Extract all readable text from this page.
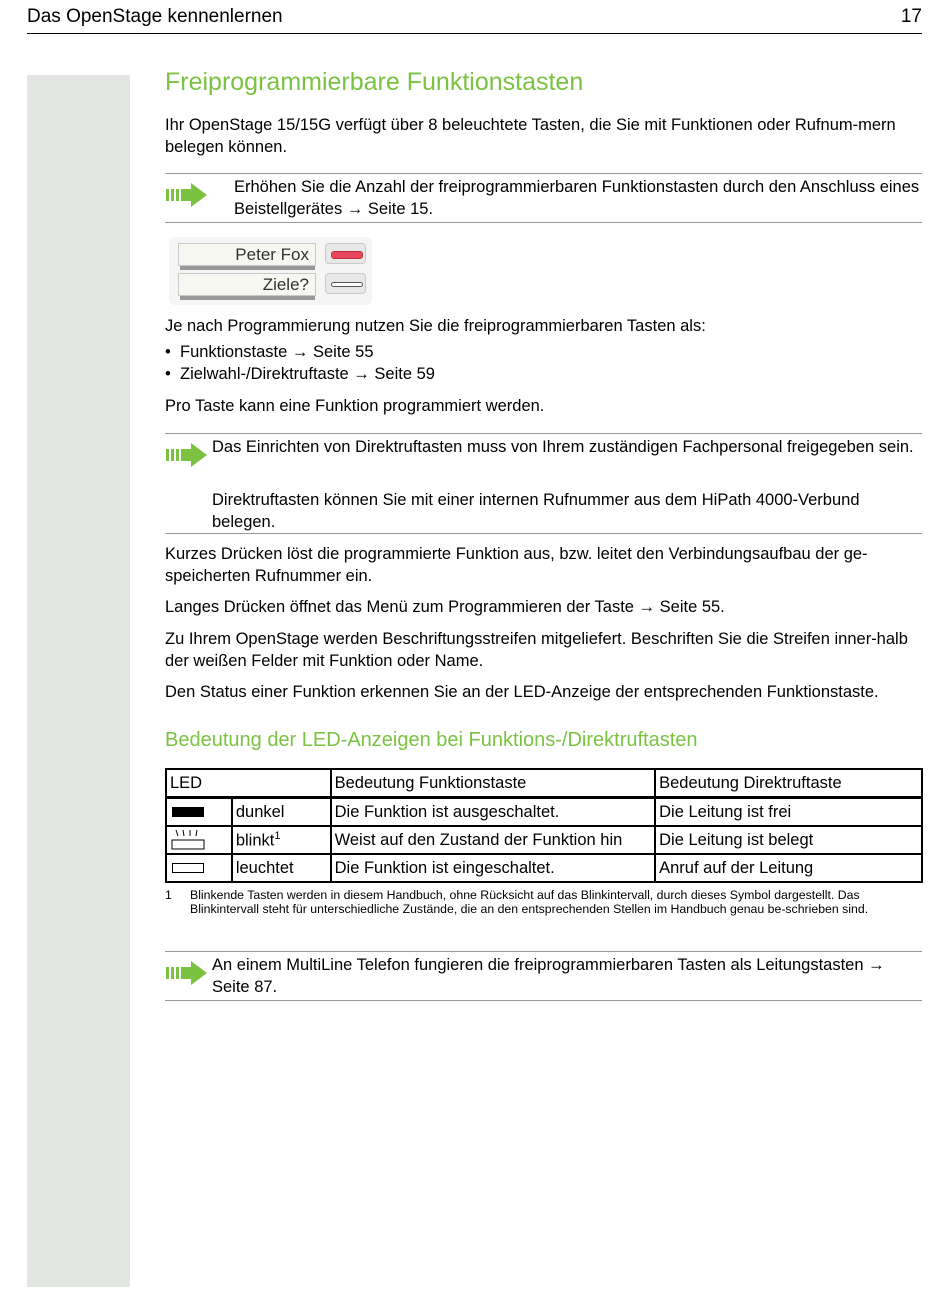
Das OpenStage kennenlernen	17
Freiprogrammierbare Funktionstasten
Ihr OpenStage 15/15G verfügt über 8 beleuchtete Tasten, die Sie mit Funktionen oder Rufnum-mern belegen können.
Erhöhen Sie die Anzahl der freiprogrammierbaren Funktionstasten durch den Anschluss eines Beistellgerätes → Seite 15.
Peter Fox
Ziele?
Je nach Programmierung nutzen Sie die freiprogrammierbaren Tasten als:
• Funktionstaste → Seite 55
• Zielwahl-/Direktruftaste → Seite 59
Pro Taste kann eine Funktion programmiert werden.
Das Einrichten von Direktruftasten muss von Ihrem zuständigen Fachpersonal freigegeben sein.
Direktruftasten können Sie mit einer internen Rufnummer aus dem HiPath 4000-Verbund belegen.
Kurzes Drücken löst die programmierte Funktion aus, bzw. leitet den Verbindungsaufbau der ge-speicherten Rufnummer ein.
Langes Drücken öffnet das Menü zum Programmieren der Taste → Seite 55.
Zu Ihrem OpenStage werden Beschriftungsstreifen mitgeliefert. Beschriften Sie die Streifen inner-halb der weißen Felder mit Funktion oder Name.
Den Status einer Funktion erkennen Sie an der LED-Anzeige der entsprechenden Funktionstaste.
Bedeutung der LED-Anzeigen bei Funktions-/Direktruftasten
LED		Bedeutung Funktionstaste	Bedeutung Direktruftaste
	dunkel	Die Funktion ist ausgeschaltet.	Die Leitung ist frei
	blinkt$^1$	Weist auf den Zustand der Funktion hin	Die Leitung ist belegt
	leuchtet	Die Funktion ist eingeschaltet.	Anruf auf der Leitung
1 Blinkende Tasten werden in diesem Handbuch, ohne Rücksicht auf das Blinkintervall, durch dieses Symbol dargestellt. Das Blinkintervall steht für unterschiedliche Zustände, die an den entsprechenden Stellen im Handbuch genau be-schrieben sind.
An einem MultiLine Telefon fungieren die freiprogrammierbaren Tasten als Leitungstasten → Seite 87.
